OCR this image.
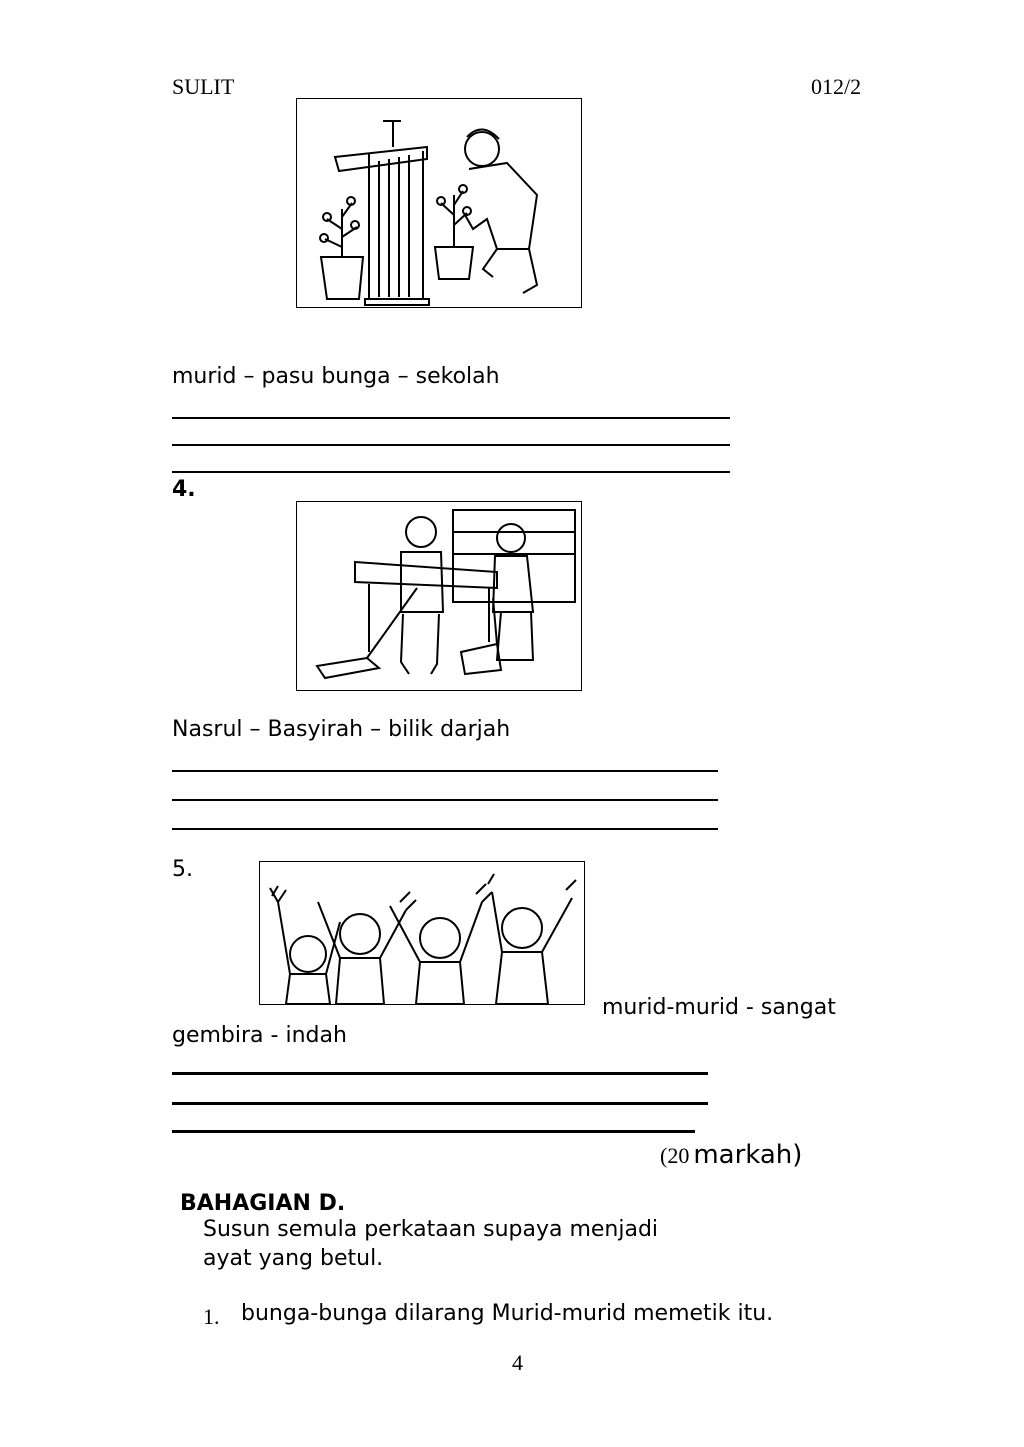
SULIT	012/2
murid – pasu bunga – sekolah
4.
Nasrul – Basyirah – bilik darjah
5.
murid-murid - sangat
gembira - indah
(20 markah)
BAHAGIAN D.
Susun semula perkataan supaya menjadi
ayat yang betul.
1. bunga-bunga dilarang Murid-murid memetik itu.
4
